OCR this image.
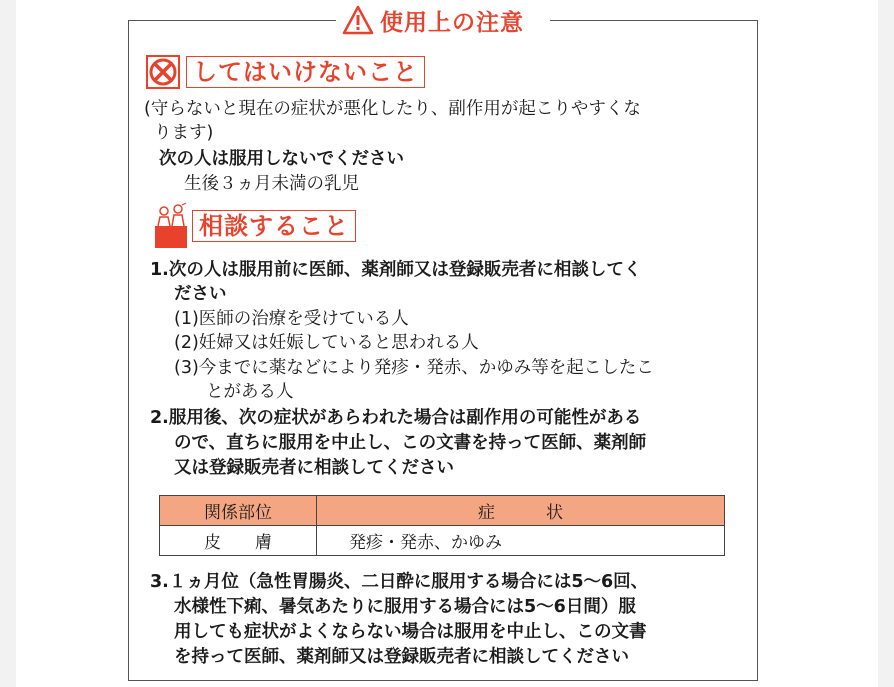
使用上の注意
してはいけないこと
(守らないと現在の症状が悪化したり、副作用が起こりやすくな
ります)
次の人は服用しないでください
生後３ヵ月未満の乳児
相談すること
1.次の人は服用前に医師、薬剤師又は登録販売者に相談してく
ださい
(1)医師の治療を受けている人
(2)妊婦又は妊娠していると思われる人
(3)今までに薬などにより発疹・発赤、かゆみ等を起こしたこ
とがある人
2.服用後、次の症状があらわれた場合は副作用の可能性がある
ので、直ちに服用を中止し、この文書を持って医師、薬剤師
又は登録販売者に相談してください
関係部位	症　　　状
皮　　膚	発疹・発赤、かゆみ
3.１ヵ月位（急性胃腸炎、二日酔に服用する場合には5〜6回、
水様性下痢、暑気あたりに服用する場合には5〜6日間）服
用しても症状がよくならない場合は服用を中止し、この文書
を持って医師、薬剤師又は登録販売者に相談してください
